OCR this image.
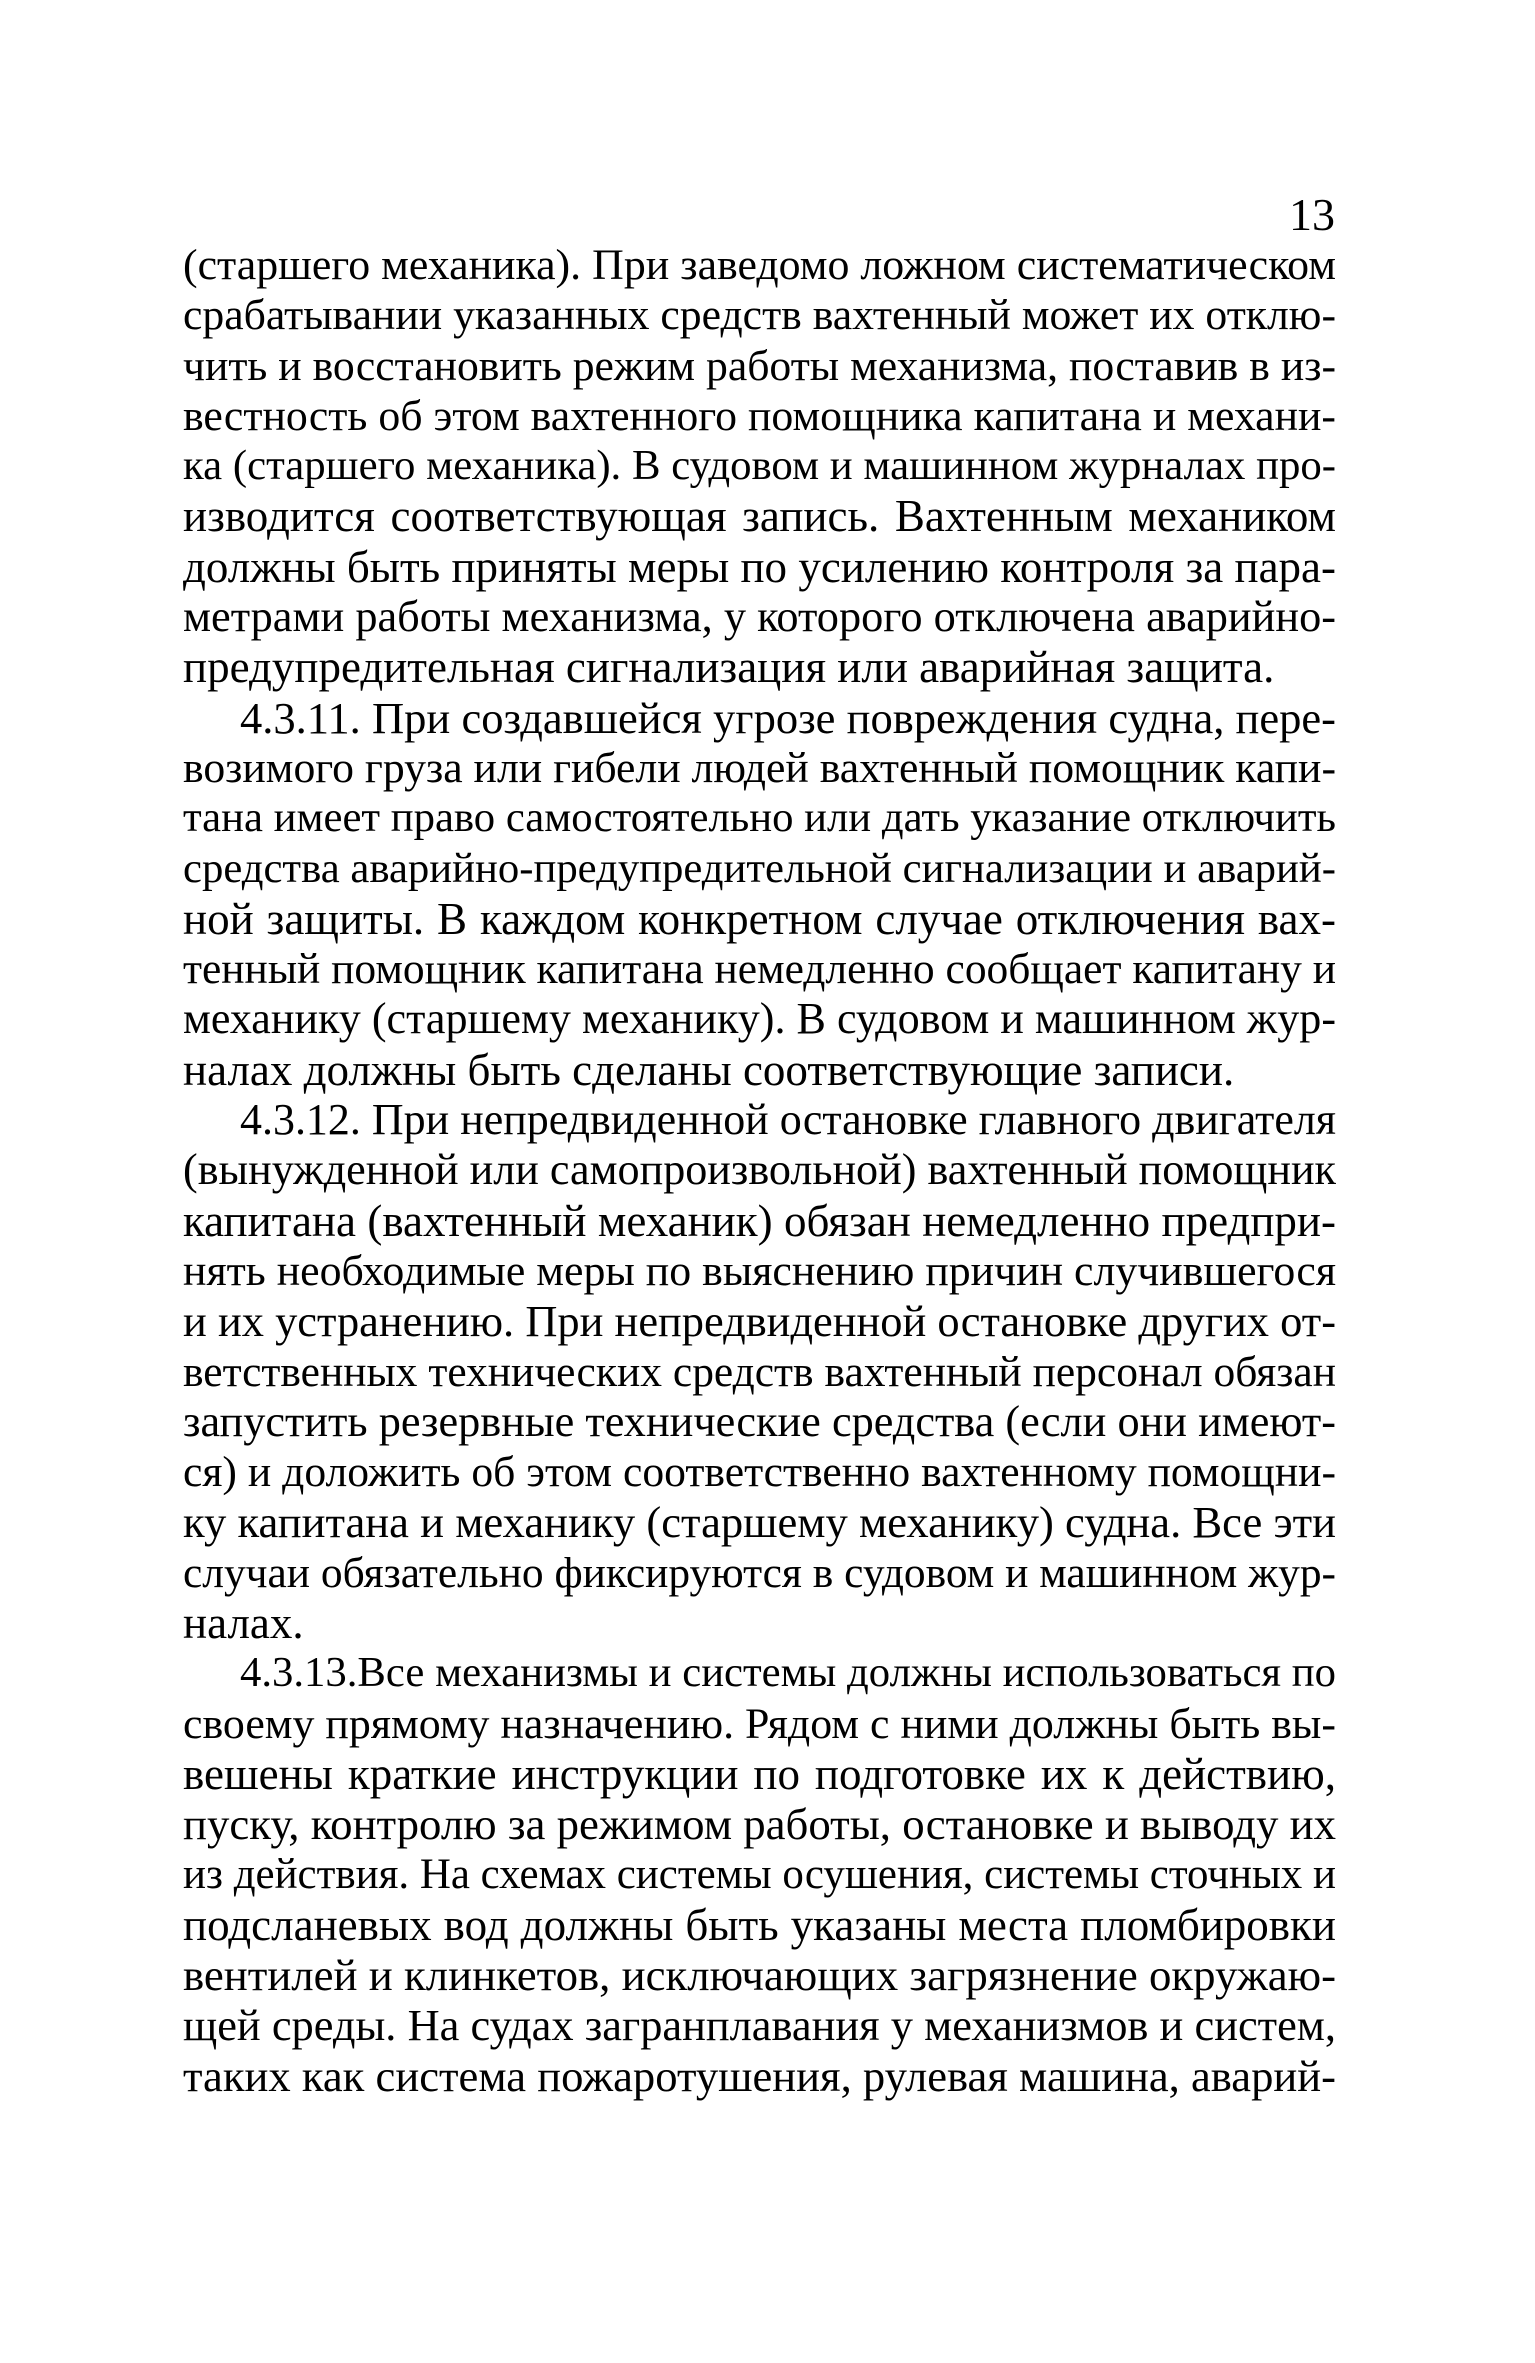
13
(старшего механика). При заведомо ложном систематическом
срабатывании указанных средств вахтенный может их отклю-
чить и восстановить режим работы механизма, поставив в из-
вестность об этом вахтенного помощника капитана и механи-
ка (старшего механика). В судовом и машинном журналах про-
изводится соответствующая запись. Вахтенным механиком
должны быть приняты меры по усилению контроля за пара-
метрами работы механизма, у которого отключена аварийно-
предупредительная сигнализация или аварийная защита.
4.3.11. При создавшейся угрозе повреждения судна, пере-
возимого груза или гибели людей вахтенный помощник капи-
тана имеет право самостоятельно или дать указание отключить
средства аварийно-предупредительной сигнализации и аварий-
ной защиты. В каждом конкретном случае отключения вах-
тенный помощник капитана немедленно сообщает капитану и
механику (старшему механику). В судовом и машинном жур-
налах должны быть сделаны соответствующие записи.
4.3.12. При непредвиденной остановке главного двигателя
(вынужденной или самопроизвольной) вахтенный помощник
капитана (вахтенный механик) обязан немедленно предпри-
нять необходимые меры по выяснению причин случившегося
и их устранению. При непредвиденной остановке других от-
ветственных технических средств вахтенный персонал обязан
запустить резервные технические средства (если они имеют-
ся) и доложить об этом соответственно вахтенному помощни-
ку капитана и механику (старшему механику) судна. Все эти
случаи обязательно фиксируются в судовом и машинном жур-
налах.
4.3.13.Все механизмы и системы должны использоваться по
своему прямому назначению. Рядом с ними должны быть вы-
вешены краткие инструкции по подготовке их к действию,
пуску, контролю за режимом работы, остановке и выводу их
из действия. На схемах системы осушения, системы сточных и
подсланевых вод должны быть указаны места пломбировки
вентилей и клинкетов, исключающих загрязнение окружаю-
щей среды. На судах загранплавания у механизмов и систем,
таких как система пожаротушения, рулевая машина, аварий-
